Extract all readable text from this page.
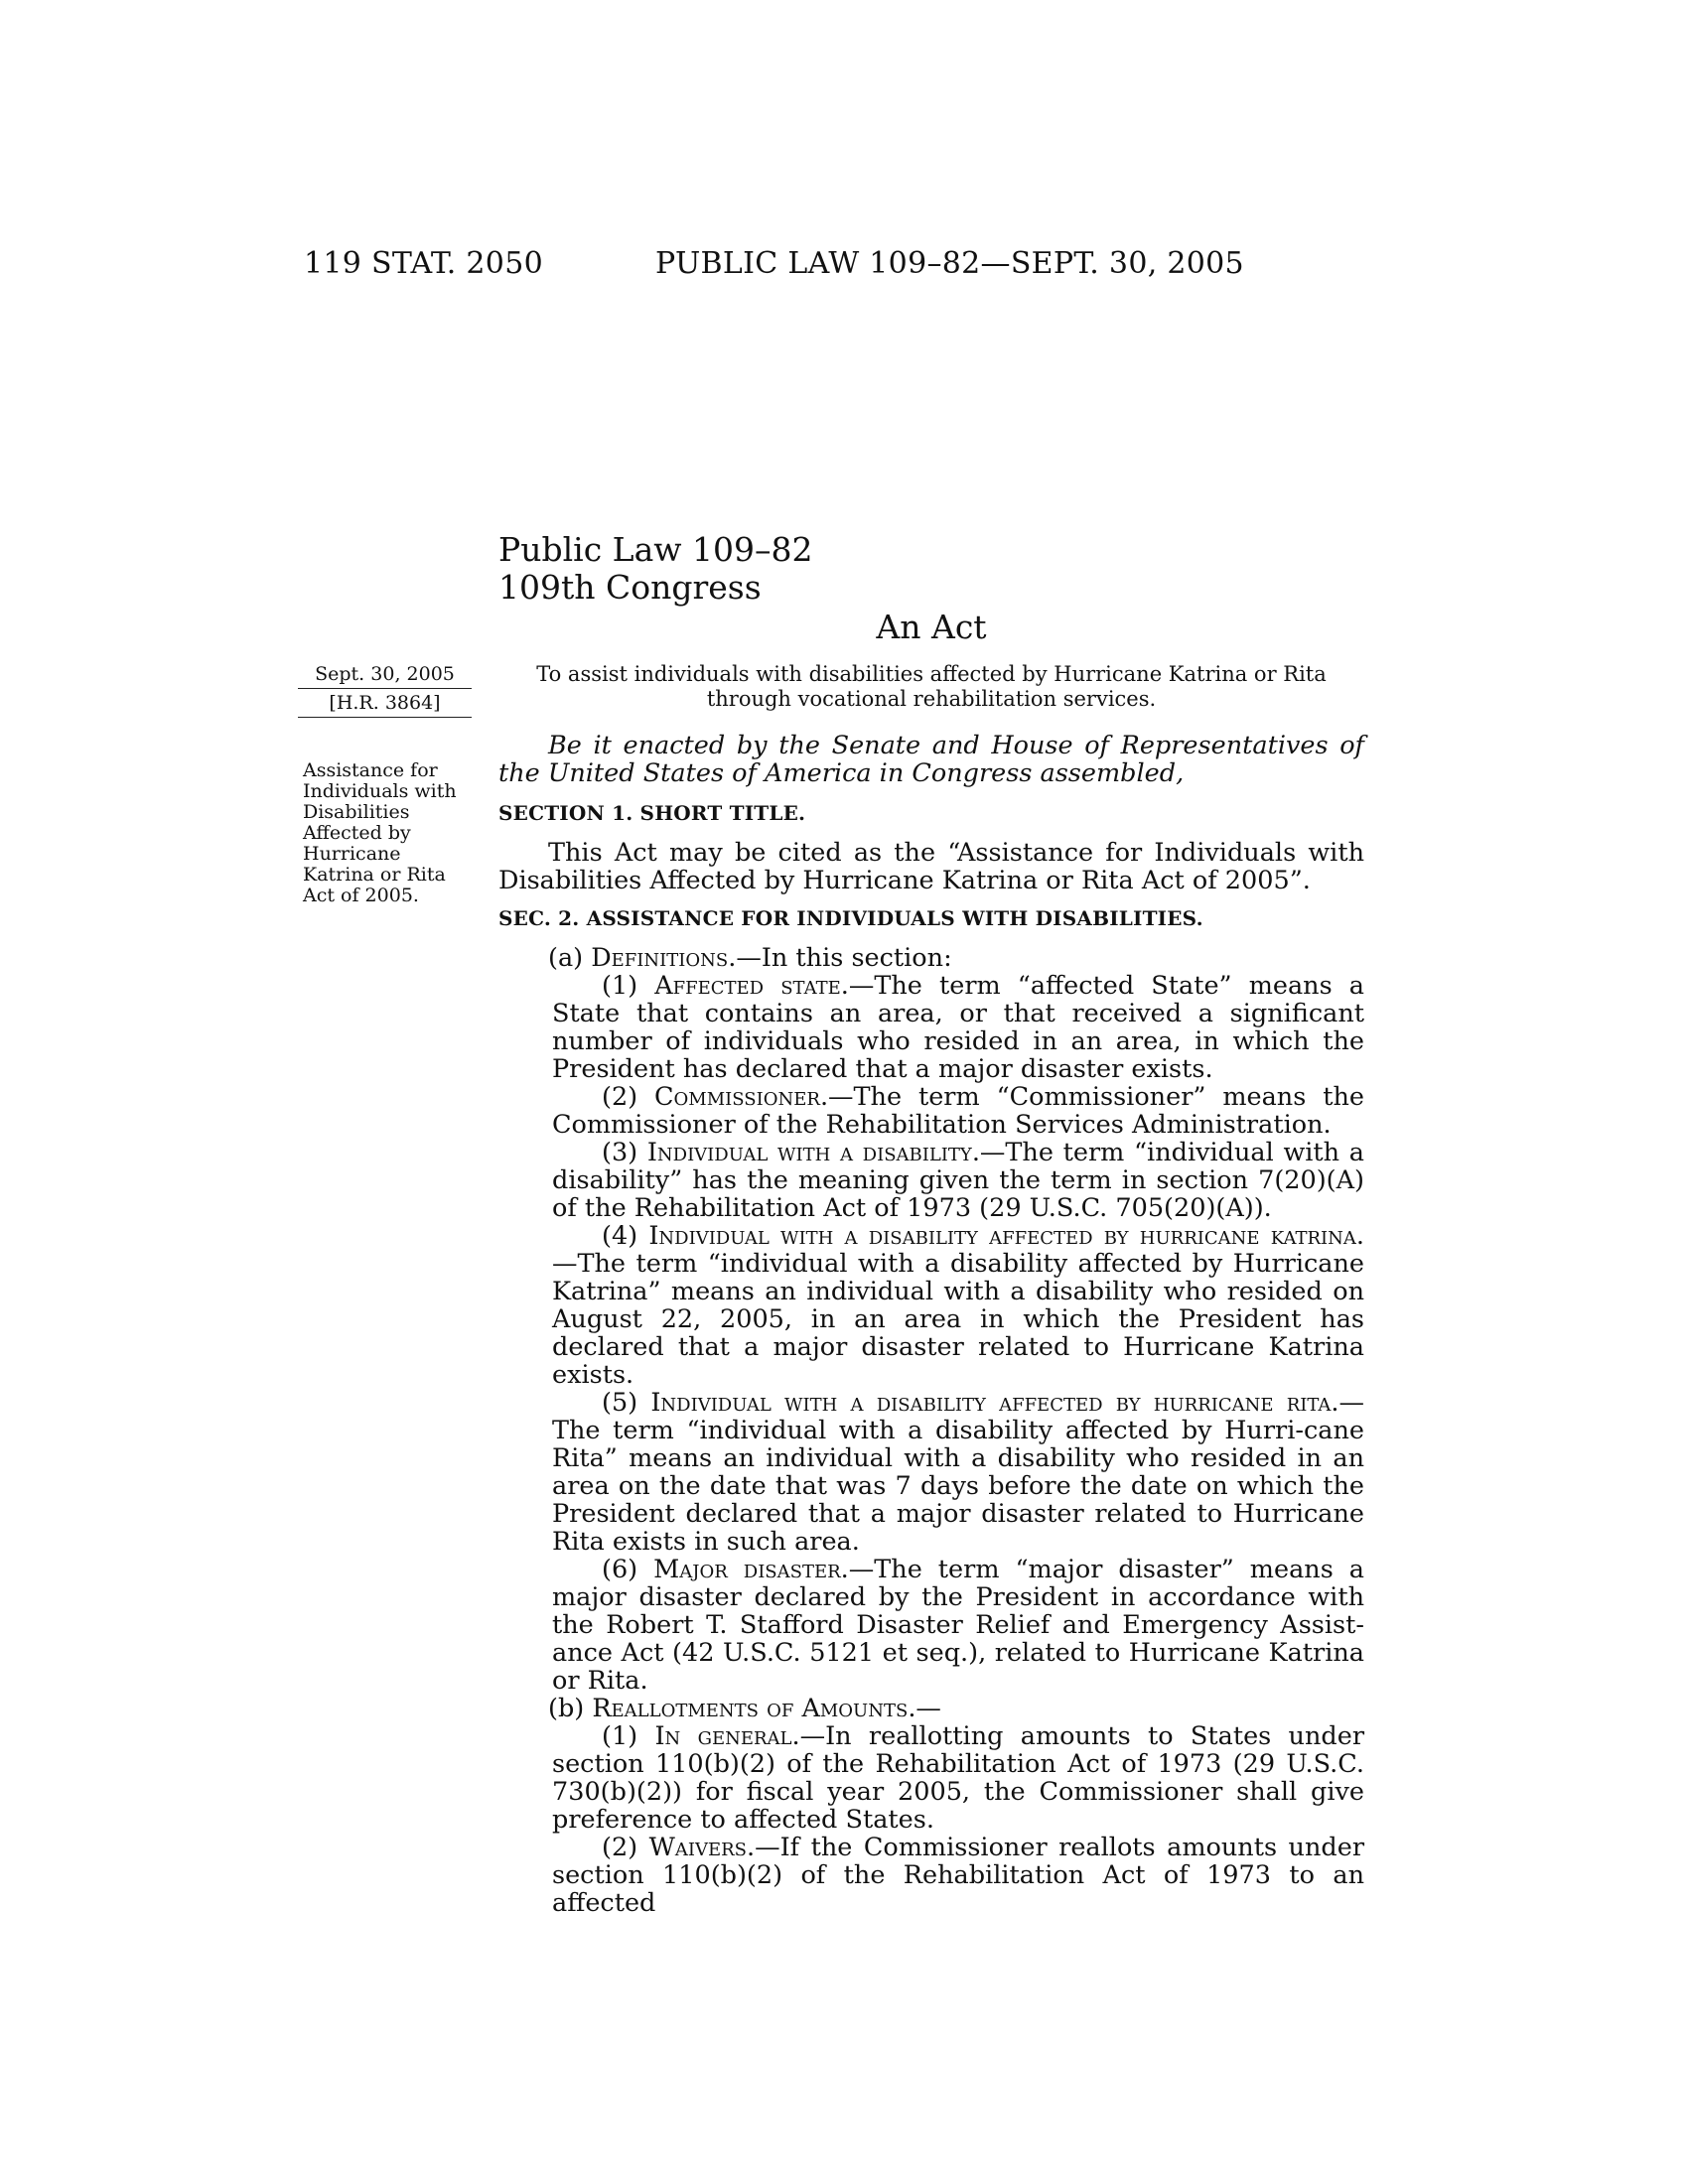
119 STAT. 2050	PUBLIC LAW 109–82—SEPT. 30, 2005
Public Law 109–82
109th Congress
An Act
Sept. 30, 2005
[H.R. 3864]
Assistance for
Individuals with
Disabilities
Affected by
Hurricane
Katrina or Rita
Act of 2005.
To assist individuals with disabilities affected by Hurricane Katrina or Rita through vocational rehabilitation services.

Be it enacted by the Senate and House of Representatives of the United States of America in Congress assembled,

SECTION 1. SHORT TITLE.

This Act may be cited as the “Assistance for Individuals with Disabilities Affected by Hurricane Katrina or Rita Act of 2005”.

SEC. 2. ASSISTANCE FOR INDIVIDUALS WITH DISABILITIES.

(a) Definitions.—In this section:

(1) Affected state.—The term “affected State” means a State that contains an area, or that received a significant number of individuals who resided in an area, in which the President has declared that a major disaster exists.

(2) Commissioner.—The term “Commissioner” means the Commissioner of the Rehabilitation Services Administration.

(3) Individual with a disability.—The term “individual with a disability” has the meaning given the term in section 7(20)(A) of the Rehabilitation Act of 1973 (29 U.S.C. 705(20)(A)).

(4) Individual with a disability affected by hurricane katrina.—The term “individual with a disability affected by Hurricane Katrina” means an individual with a disability who resided on August 22, 2005, in an area in which the President has declared that a major disaster related to Hurricane Katrina exists.

(5) Individual with a disability affected by hurricane rita.—The term “individual with a disability affected by Hurri-cane Rita” means an individual with a disability who resided in an area on the date that was 7 days before the date on which the President declared that a major disaster related to Hurricane Rita exists in such area.

(6) Major disaster.—The term “major disaster” means a major disaster declared by the President in accordance with the Robert T. Stafford Disaster Relief and Emergency Assist-ance Act (42 U.S.C. 5121 et seq.), related to Hurricane Katrina or Rita.

(b) Reallotments of Amounts.—

(1) In general.—In reallotting amounts to States under section 110(b)(2) of the Rehabilitation Act of 1973 (29 U.S.C. 730(b)(2)) for fiscal year 2005, the Commissioner shall give preference to affected States.

(2) Waivers.—If the Commissioner reallots amounts under section 110(b)(2) of the Rehabilitation Act of 1973 to an affected
